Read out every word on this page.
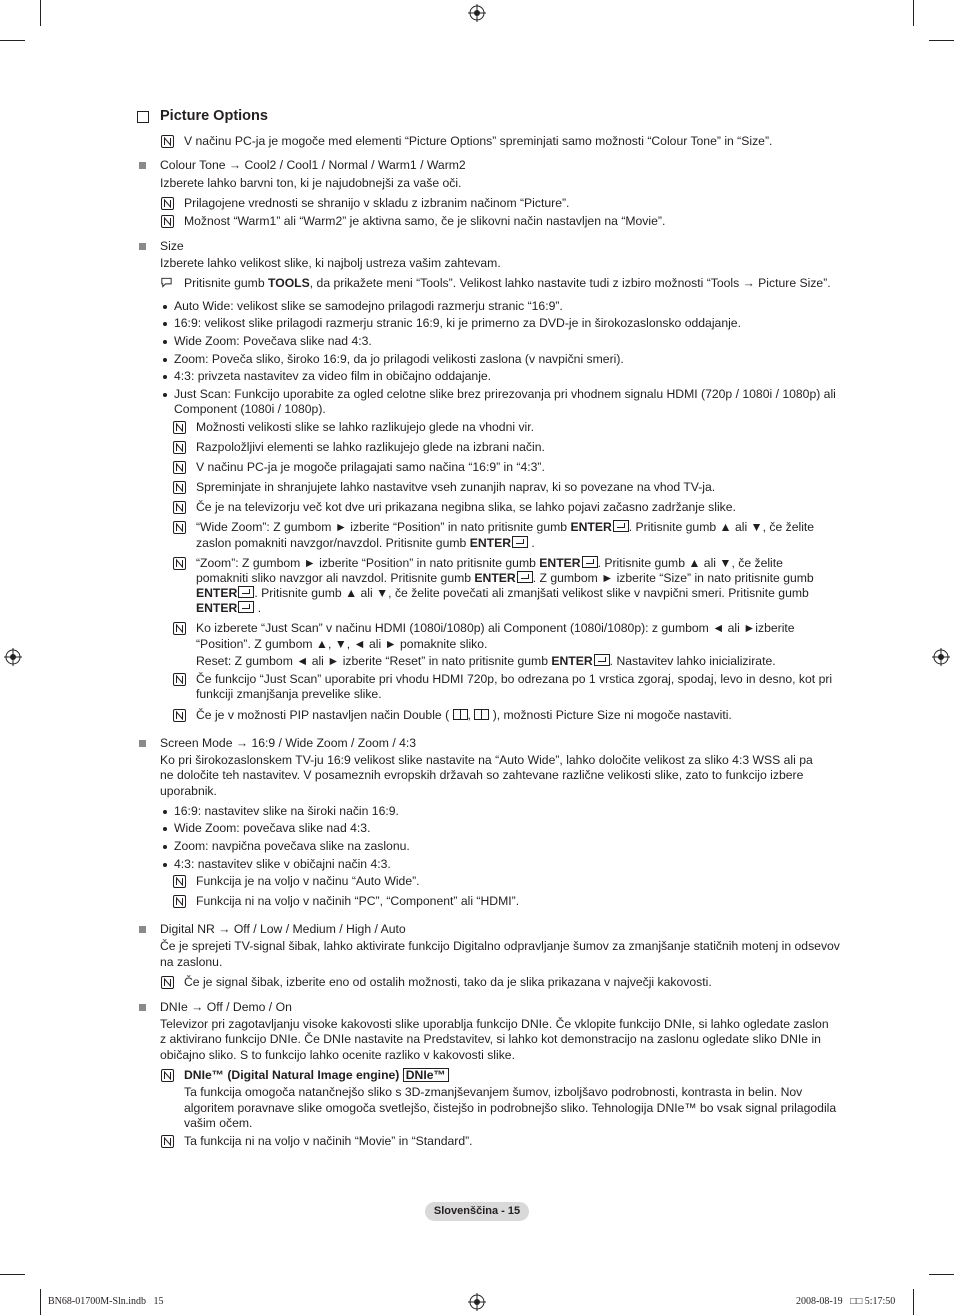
Picture Options
V načinu PC-ja je mogoče med elementi “Picture Options” spreminjati samo možnosti “Colour Tone” in “Size”.
Colour Tone → Cool2 / Cool1 / Normal / Warm1 / Warm2
Izberete lahko barvni ton, ki je najudobnejši za vaše oči.
Prilagojene vrednosti se shranijo v skladu z izbranim načinom “Picture”.
Možnost “Warm1” ali “Warm2” je aktivna samo, če je slikovni način nastavljen na “Movie”.
Size
Izberete lahko velikost slike, ki najbolj ustreza vašim zahtevam.
Pritisnite gumb TOOLS, da prikažete meni “Tools”. Velikost lahko nastavite tudi z izbiro možnosti “Tools → Picture Size”.
Auto Wide: velikost slike se samodejno prilagodi razmerju stranic “16:9”.
16:9: velikost slike prilagodi razmerju stranic 16:9, ki je primerno za DVD-je in širokozaslonsko oddajanje.
Wide Zoom: Povečava slike nad 4:3.
Zoom: Poveča sliko, široko 16:9, da jo prilagodi velikosti zaslona (v navpični smeri).
4:3: privzeta nastavitev za video film in običajno oddajanje.
Just Scan: Funkcijo uporabite za ogled celotne slike brez prirezovanja pri vhodnem signalu HDMI (720p / 1080i / 1080p) ali
Component (1080i / 1080p).
Možnosti velikosti slike se lahko razlikujejo glede na vhodni vir.
Razpoložljivi elementi se lahko razlikujejo glede na izbrani način.
V načinu PC-ja je mogoče prilagajati samo načina “16:9” in “4:3”.
Spreminjate in shranjujete lahko nastavitve vseh zunanjih naprav, ki so povezane na vhod TV-ja.
Če je na televizorju več kot dve uri prikazana negibna slika, se lahko pojavi začasno zadržanje slike.
“Wide Zoom”: Z gumbom ► izberite “Position” in nato pritisnite gumb ENTER . Pritisnite gumb ▲ ali ▼, če želite
zaslon pomakniti navzgor/navzdol. Pritisnite gumb ENTER .
“Zoom”: Z gumbom ► izberite “Position” in nato pritisnite gumb ENTER . Pritisnite gumb ▲ ali ▼, če želite
pomakniti sliko navzgor ali navzdol. Pritisnite gumb ENTER . Z gumbom ► izberite “Size” in nato pritisnite gumb
ENTER . Pritisnite gumb ▲ ali ▼, če želite povečati ali zmanjšati velikost slike v navpični smeri. Pritisnite gumb
ENTER .
Ko izberete “Just Scan” v načinu HDMI (1080i/1080p) ali Component (1080i/1080p): z gumbom ◄ ali ►izberite
“Position”. Z gumbom ▲, ▼, ◄ ali ► pomaknite sliko.
Reset: Z gumbom ◄ ali ► izberite “Reset” in nato pritisnite gumb ENTER . Nastavitev lahko inicializirate.
Če funkcijo “Just Scan” uporabite pri vhodu HDMI 720p, bo odrezana po 1 vrstica zgoraj, spodaj, levo in desno, kot pri
funkciji zmanjšanja prevelike slike.
Če je v možnosti PIP nastavljen način Double ( ,  ), možnosti Picture Size ni mogoče nastaviti.
Screen Mode → 16:9 / Wide Zoom / Zoom / 4:3
Ko pri širokozaslonskem TV-ju 16:9 velikost slike nastavite na “Auto Wide”, lahko določite velikost za sliko 4:3 WSS ali pa
ne določite teh nastavitev. V posameznih evropskih državah so zahtevane različne velikosti slike, zato to funkcijo izbere
uporabnik.
16:9: nastavitev slike na široki način 16:9.
Wide Zoom: povečava slike nad 4:3.
Zoom: navpična povečava slike na zaslonu.
4:3: nastavitev slike v običajni način 4:3.
Funkcija je na voljo v načinu “Auto Wide”.
Funkcija ni na voljo v načinih “PC”, “Component” ali “HDMI”.
Digital NR → Off / Low / Medium / High / Auto
Če je sprejeti TV-signal šibak, lahko aktivirate funkcijo Digitalno odpravljanje šumov za zmanjšanje statičnih motenj in odsevov
na zaslonu.
Če je signal šibak, izberite eno od ostalih možnosti, tako da je slika prikazana v največji kakovosti.
DNIe → Off / Demo / On
Televizor pri zagotavljanju visoke kakovosti slike uporablja funkcijo DNIe. Če vklopite funkcijo DNIe, si lahko ogledate zaslon
z aktivirano funkcijo DNIe. Če DNIe nastavite na Predstavitev, si lahko kot demonstracijo na zaslonu ogledate sliko DNIe in
običajno sliko. S to funkcijo lahko ocenite razliko v kakovosti slike.
DNIe™ (Digital Natural Image engine) DNIe™
Ta funkcija omogoča natančnejšo sliko s 3D-zmanjševanjem šumov, izboljšavo podrobnosti, kontrasta in belin. Nov
algoritem poravnave slike omogoča svetlejšo, čistejšo in podrobnejšo sliko. Tehnologija DNIe™ bo vsak signal prilagodila
vašim očem.
Ta funkcija ni na voljo v načinih “Movie” in “Standard”.
Slovenščina - 15
BN68-01700M-Sln.indb   15	2008-08-19   □□ 5:17:50
